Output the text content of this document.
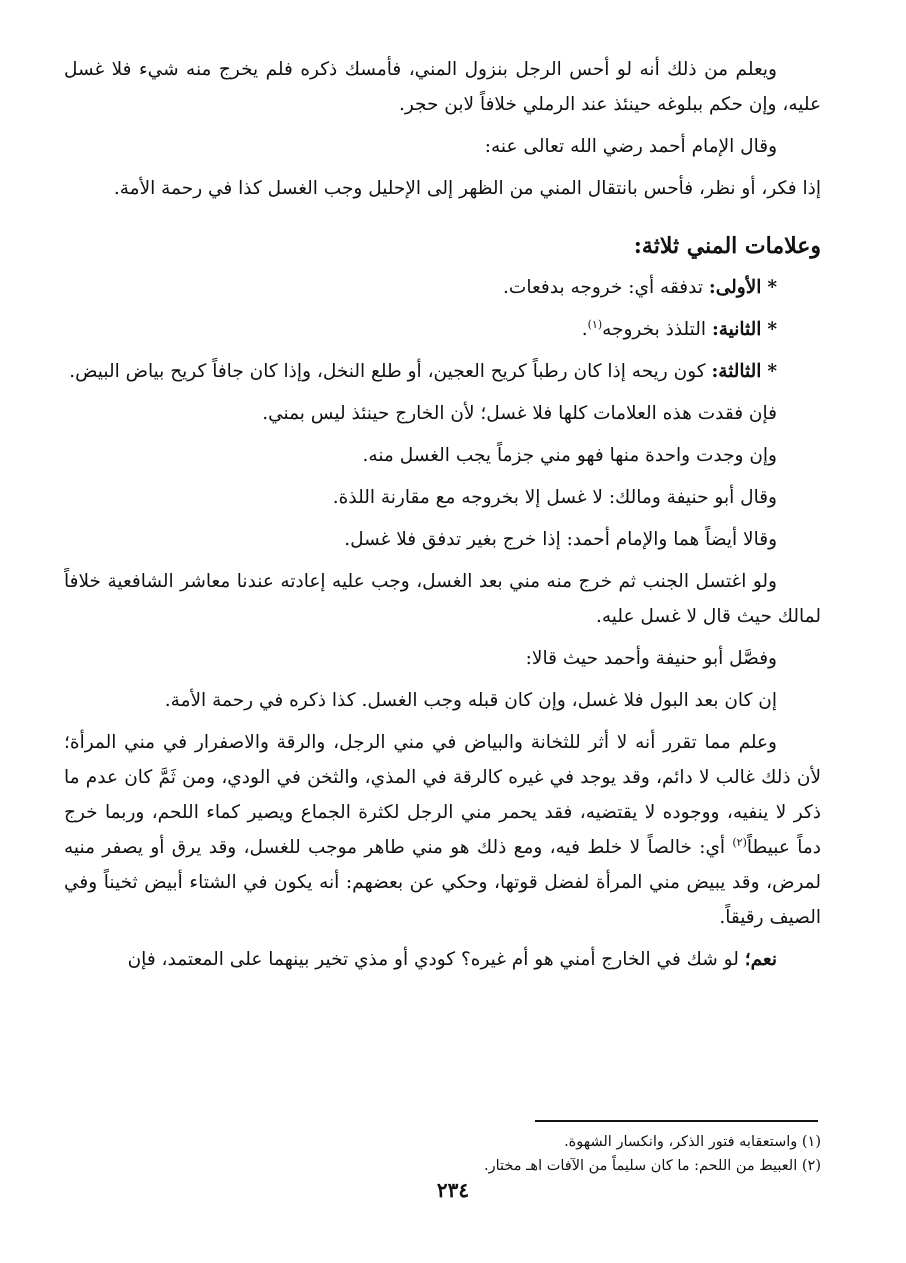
ويعلم من ذلك أنه لو أحس الرجل بنزول المني، فأمسك ذكره فلم يخرج منه شيء فلا غسل عليه، وإن حكم ببلوغه حينئذ عند الرملي خلافاً لابن حجر.

وقال الإمام أحمد رضي الله تعالى عنه:

إذا فكر، أو نظر، فأحس بانتقال المني من الظهر إلى الإحليل وجب الغسل كذا في رحمة الأمة.

وعلامات المني ثلاثة:

* الأولى: تدفقه أي: خروجه بدفعات.

* الثانية: التلذذ بخروجه$^{(١)}$.

* الثالثة: كون ريحه إذا كان رطباً كريح العجين، أو طلع النخل، وإذا كان جافاً كريح بياض البيض.

فإن فقدت هذه العلامات كلها فلا غسل؛ لأن الخارج حينئذ ليس بمني.

وإن وجدت واحدة منها فهو مني جزماً يجب الغسل منه.

وقال أبو حنيفة ومالك: لا غسل إلا بخروجه مع مقارنة اللذة.

وقالا أيضاً هما والإمام أحمد: إذا خرج بغير تدفق فلا غسل.

ولو اغتسل الجنب ثم خرج منه مني بعد الغسل، وجب عليه إعادته عندنا معاشر الشافعية خلافاً لمالك حيث قال لا غسل عليه.

وفصَّل أبو حنيفة وأحمد حيث قالا:

إن كان بعد البول فلا غسل، وإن كان قبله وجب الغسل. كذا ذكره في رحمة الأمة.

وعلم مما تقرر أنه لا أثر للثخانة والبياض في مني الرجل، والرقة والاصفرار في مني المرأة؛ لأن ذلك غالب لا دائم، وقد يوجد في غيره كالرقة في المذي، والثخن في الودي، ومن ثَمَّ كان عدم ما ذكر لا ينفيه، ووجوده لا يقتضيه، فقد يحمر مني الرجل لكثرة الجماع ويصير كماء اللحم، وربما خرج دماً عبيطاً$^{(٢)}$ أي: خالصاً لا خلط فيه، ومع ذلك هو مني طاهر موجب للغسل، وقد يرق أو يصفر منيه لمرض، وقد يبيض مني المرأة لفضل قوتها، وحكي عن بعضهم: أنه يكون في الشتاء أبيض ثخيناً وفي الصيف رقيقاً.

نعم؛ لو شك في الخارج أمني هو أم غيره؟ كودي أو مذي تخير بينهما على المعتمد، فإن

(١) واستعقابه فتور الذكر، وانكسار الشهوة.

(٢) العبيط من اللحم: ما كان سليماً من الآفات اهـ مختار.

٢٣٤
